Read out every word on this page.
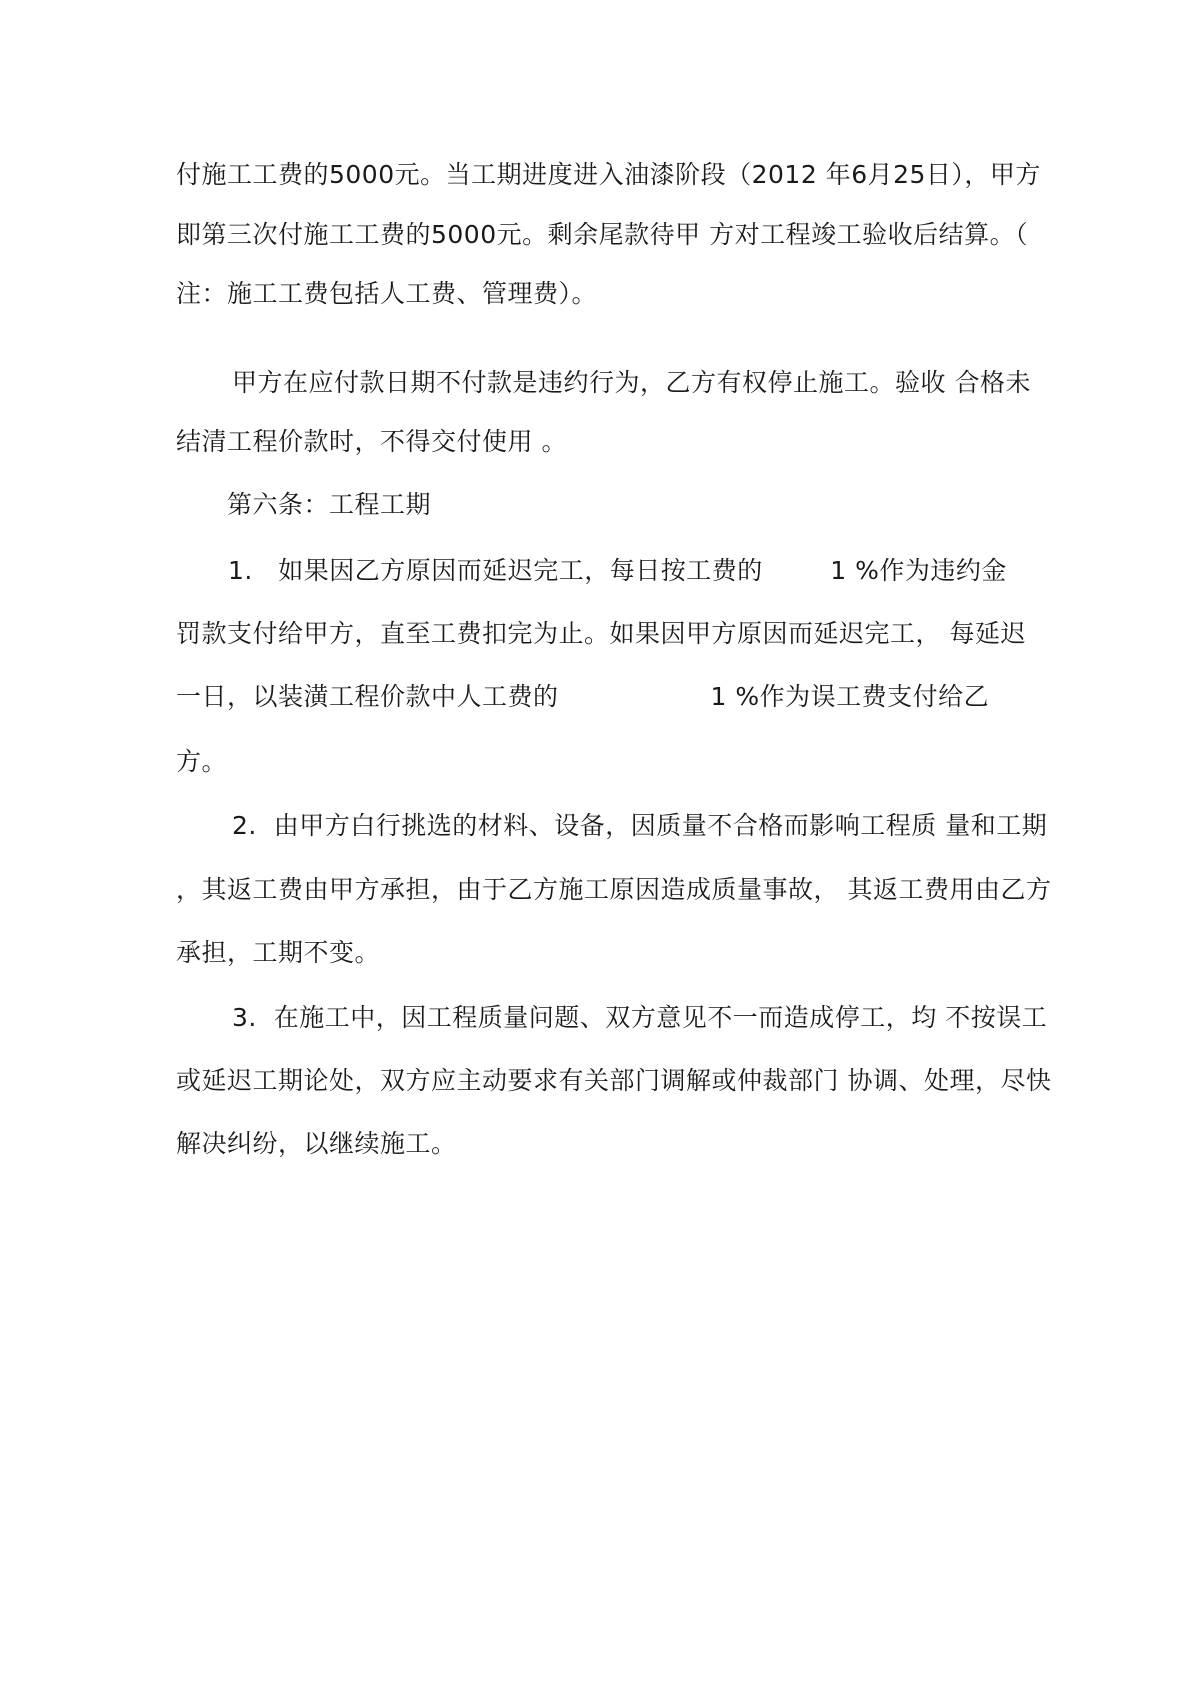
付施工工费的5000元。当工期进度进入油漆阶段（2012 年6月25日），甲方
即第三次付施工工费的5000元。剩余尾款待甲 方对工程竣工验收后结算。（
注：施工工费包括人工费、管理费）。
甲方在应付款日期不付款是违约行为，乙方有权停止施工。验收 合格未
结清工程价款时，不得交付使用 。
第六条：工程工期
1.   如果因乙方原因而延迟完工，每日按工费的        1 %作为违约金
罚款支付给甲方，直至工费扣完为止。如果因甲方原因而延迟完工， 每延迟
一日，以装潢工程价款中人工费的                  1 %作为误工费支付给乙
方。
2.  由甲方白行挑选的材料、设备，因质量不合格而影响工程质 量和工期
，其返工费由甲方承担，由于乙方施工原因造成质量事故， 其返工费用由乙方
承担，工期不变。
3.  在施工中，因工程质量问题、双方意见不一而造成停工，均 不按误工
或延迟工期论处，双方应主动要求有关部门调解或仲裁部门 协调、处理，尽快
解决纠纷，以继续施工。
